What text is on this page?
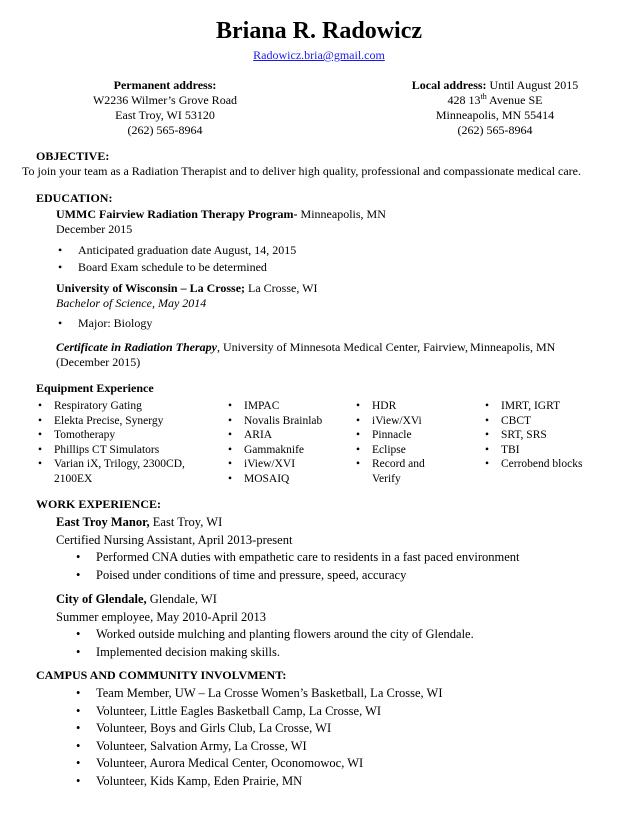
Briana R. Radowicz
Radowicz.bria@gmail.com
Permanent address:
W2236 Wilmer’s Grove Road
East Troy, WI 53120
(262) 565-8964
Local address: Until August 2015
428 13th Avenue SE
Minneapolis, MN 55414
(262) 565-8964
OBJECTIVE:
To join your team as a Radiation Therapist and to deliver high quality, professional and compassionate medical care.
EDUCATION:
UMMC Fairview Radiation Therapy Program- Minneapolis, MN
December 2015
• Anticipated graduation date August, 14, 2015
• Board Exam schedule to be determined
University of Wisconsin – La Crosse; La Crosse, WI
Bachelor of Science, May 2014
• Major: Biology
Certificate in Radiation Therapy, University of Minnesota Medical Center, Fairview, Minneapolis, MN
(December 2015)
Equipment Experience
• Respiratory Gating
• Elekta Precise, Synergy
• Tomotherapy
• Phillips CT Simulators
• Varian iX, Trilogy, 2300CD, 2100EX
• IMPAC
• Novalis Brainlab
• ARIA
• Gammaknife
• iView/XVI
• MOSAIQ
• HDR
• iView/XVi
• Pinnacle
• Eclipse
• Record and Verify
• IMRT, IGRT
• CBCT
• SRT, SRS
• TBI
• Cerrobend blocks
WORK EXPERIENCE:
East Troy Manor, East Troy, WI
Certified Nursing Assistant, April 2013-present
• Performed CNA duties with empathetic care to residents in a fast paced environment
• Poised under conditions of time and pressure, speed, accuracy
City of Glendale, Glendale, WI
Summer employee, May 2010-April 2013
• Worked outside mulching and planting flowers around the city of Glendale.
• Implemented decision making skills.
CAMPUS AND COMMUNITY INVOLVMENT:
• Team Member, UW – La Crosse Women’s Basketball, La Crosse, WI
• Volunteer, Little Eagles Basketball Camp, La Crosse, WI
• Volunteer, Boys and Girls Club, La Crosse, WI
• Volunteer, Salvation Army, La Crosse, WI
• Volunteer, Aurora Medical Center, Oconomowoc, WI
• Volunteer, Kids Kamp, Eden Prairie, MN
